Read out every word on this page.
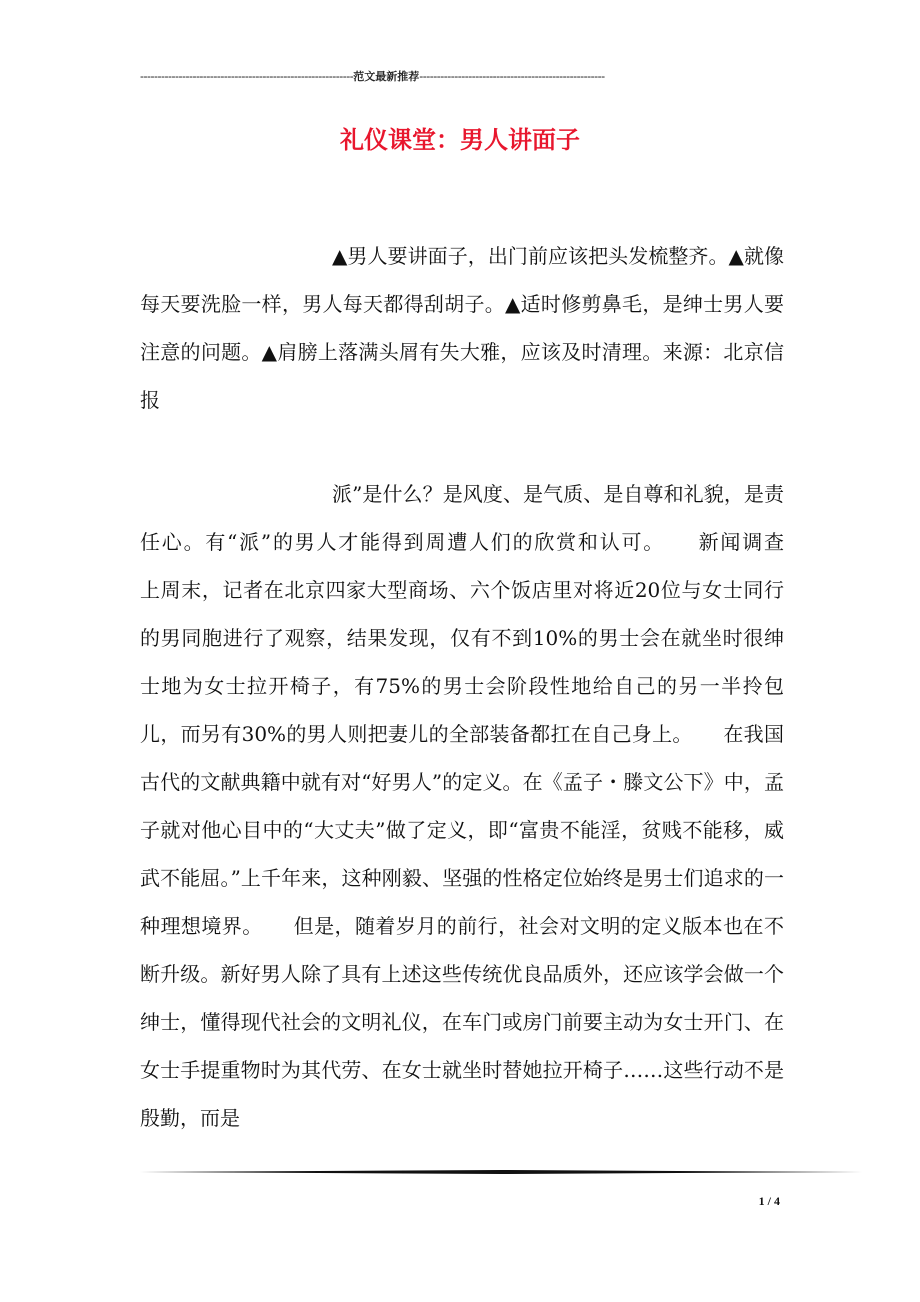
-------------------------------------------------------------范文最新推荐-----------------------------------------------------
礼仪课堂：男人讲面子
▲男人要讲面子，出门前应该把头发梳整齐。▲就像每天要洗脸一样，男人每天都得刮胡子。▲适时修剪鼻毛，是绅士男人要注意的问题。▲肩膀上落满头屑有失大雅，应该及时清理。来源：北京信报
派”是什么？是风度、是气质、是自尊和礼貌，是责任心。有“派”的男人才能得到周遭人们的欣赏和认可。　　新闻调查　　上周末，记者在北京四家大型商场、六个饭店里对将近20位与女士同行的男同胞进行了观察，结果发现，仅有不到10%的男士会在就坐时很绅士地为女士拉开椅子，有75%的男士会阶段性地给自己的另一半拎包儿，而另有30%的男人则把妻儿的全部装备都扛在自己身上。　　在我国古代的文献典籍中就有对“好男人”的定义。在《孟子・滕文公下》中，孟子就对他心目中的“大丈夫”做了定义，即“富贵不能淫，贫贱不能移，威武不能屈。”上千年来，这种刚毅、坚强的性格定位始终是男士们追求的一种理想境界。　　但是，随着岁月的前行，社会对文明的定义版本也在不断升级。新好男人除了具有上述这些传统优良品质外，还应该学会做一个绅士，懂得现代社会的文明礼仪，在车门或房门前要主动为女士开门、在女士手提重物时为其代劳、在女士就坐时替她拉开椅子……这些行动不是殷勤，而是
1 / 4
